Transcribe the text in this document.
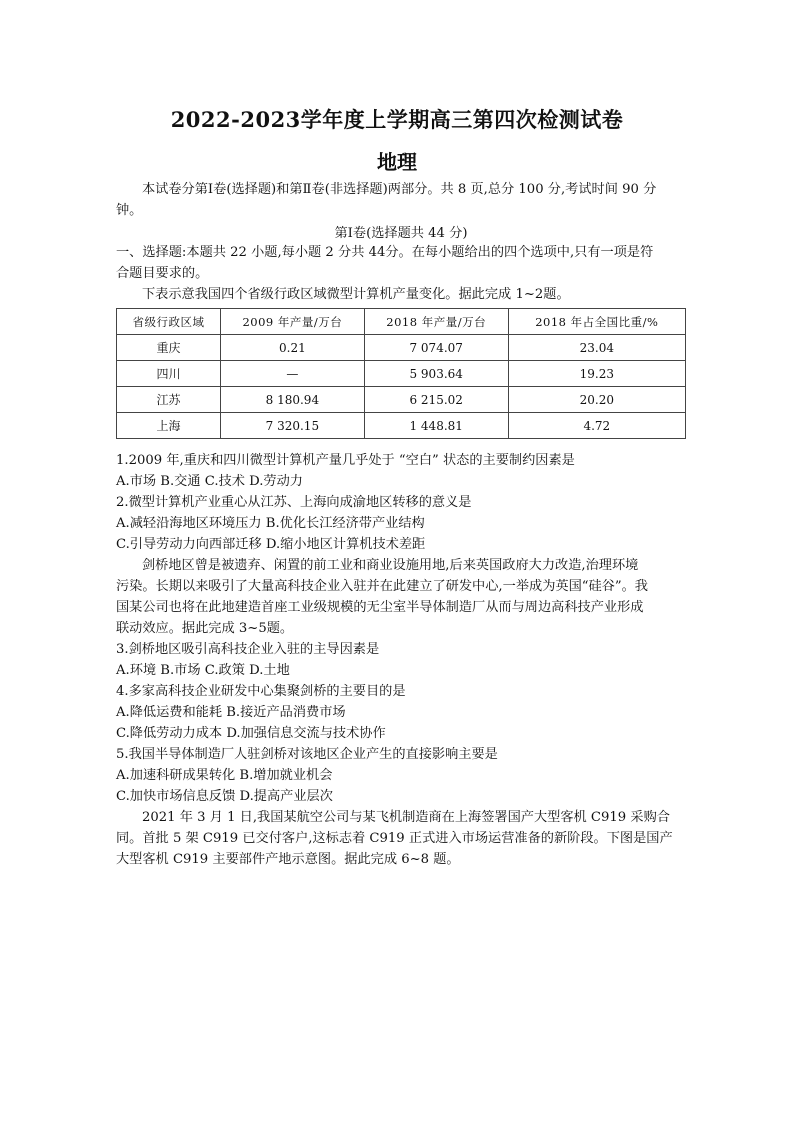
2022-2023学年度上学期高三第四次检测试卷
地理
本试卷分第Ⅰ卷(选择题)和第Ⅱ卷(非选择题)两部分。共 8 页,总分 100 分,考试时间 90 分
钟。
第Ⅰ卷(选择题共 44 分)
一、选择题:本题共 22 小题,每小题 2 分共 44分。在每小题给出的四个选项中,只有一项是符
合题目要求的。
下表示意我国四个省级行政区域微型计算机产量变化。据此完成 1~2题。
省级行政区域	2009 年产量/万台	2018 年产量/万台	2018 年占全国比重/%
重庆	0.21	7 074.07	23.04
四川	—	5 903.64	19.23
江苏	8 180.94	6 215.02	20.20
上海	7 320.15	1 448.81	4.72
1.2009 年,重庆和四川微型计算机产量几乎处于 “空白” 状态的主要制约因素是
A.市场 B.交通 C.技术 D.劳动力
2.微型计算机产业重心从江苏、上海向成渝地区转移的意义是
A.减轻沿海地区环境压力 B.优化长江经济带产业结构
C.引导劳动力向西部迁移 D.缩小地区计算机技术差距
剑桥地区曾是被遗弃、闲置的前工业和商业设施用地,后来英国政府大力改造,治理环境
污染。长期以来吸引了大量高科技企业入驻并在此建立了研发中心,一举成为英国“硅谷”。我
国某公司也将在此地建造首座工业级规模的无尘室半导体制造厂从而与周边高科技产业形成
联动效应。据此完成 3~5题。
3.剑桥地区吸引高科技企业入驻的主导因素是
A.环境 B.市场 C.政策 D.土地
4.多家高科技企业研发中心集聚剑桥的主要目的是
A.降低运费和能耗 B.接近产品消费市场
C.降低劳动力成本 D.加强信息交流与技术协作
5.我国半导体制造厂人驻剑桥对该地区企业产生的直接影响主要是
A.加速科研成果转化 B.增加就业机会
C.加快市场信息反馈 D.提高产业层次
2021 年 3 月 1 日,我国某航空公司与某飞机制造商在上海签署国产大型客机 C919 采购合
同。首批 5 架 C919 已交付客户,这标志着 C919 正式进入市场运营准备的新阶段。下图是国产
大型客机 C919 主要部件产地示意图。据此完成 6~8 题。
